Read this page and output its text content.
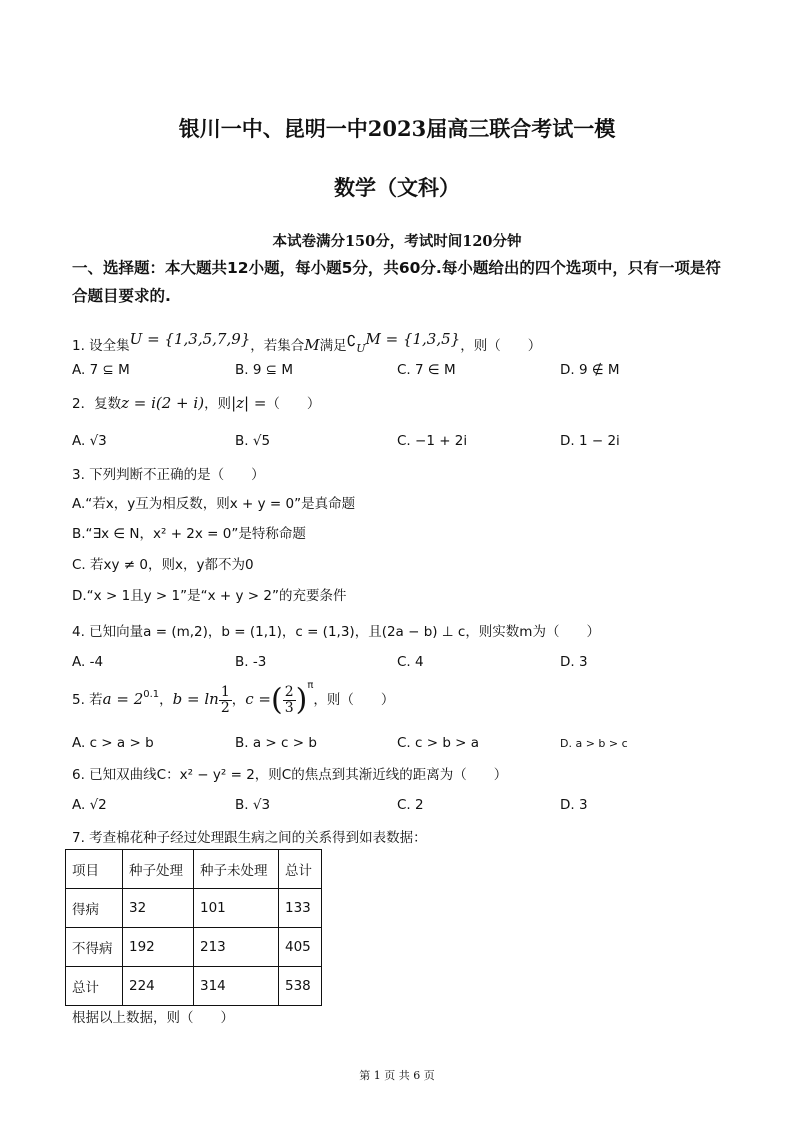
银川一中、昆明一中2023届高三联合考试一模
数学（文科）
本试卷满分150分，考试时间120分钟
一、选择题：本大题共12小题，每小题5分，共60分.每小题给出的四个选项中，只有一项是符合题目要求的.
1. 设全集U = {1,3,5,7,9}，若集合M满足∁UM = {1,3,5}，则（　　）
A. 7 ⊆ M	B. 9 ⊆ M	C. 7 ∈ M	D. 9 ∉ M
2．复数z = i(2 + i)，则|z| =（　　）
A. √3	B. √5	C. −1 + 2i	D. 1 − 2i
3. 下列判断不正确的是（　　）
A.“若x，y互为相反数，则x + y = 0”是真命题
B.“∃x ∈ N，x² + 2x = 0”是特称命题
C. 若xy ≠ 0，则x，y都不为0
D.“x > 1且y > 1”是“x + y > 2”的充要条件
4. 已知向量a = (m,2)，b = (1,1)，c = (1,3)，且(2a − b) ⊥ c，则实数m为（　　）
A. -4	B. -3	C. 4	D. 3
5. 若$a = 2^{0.1}$，$b = \ln \frac{1}{2}$ ，c =( $\frac{2}{3} )^\pi$，则（　　）
A. c > a > b	B. a > c > b	C. c > b > a	D. a > b > c
6. 已知双曲线C：x² − y² = 2，则C的焦点到其渐近线的距离为（　　）
A. √2	B. √3	C. 2	D. 3
7. 考查棉花种子经过处理跟生病之间的关系得到如表数据：
项目	种子处理	种子未处理	总计
得病	32	101	133
不得病	192	213	405
总计	224	314	538
根据以上数据，则（　　）
第 1 页 共 6 页
